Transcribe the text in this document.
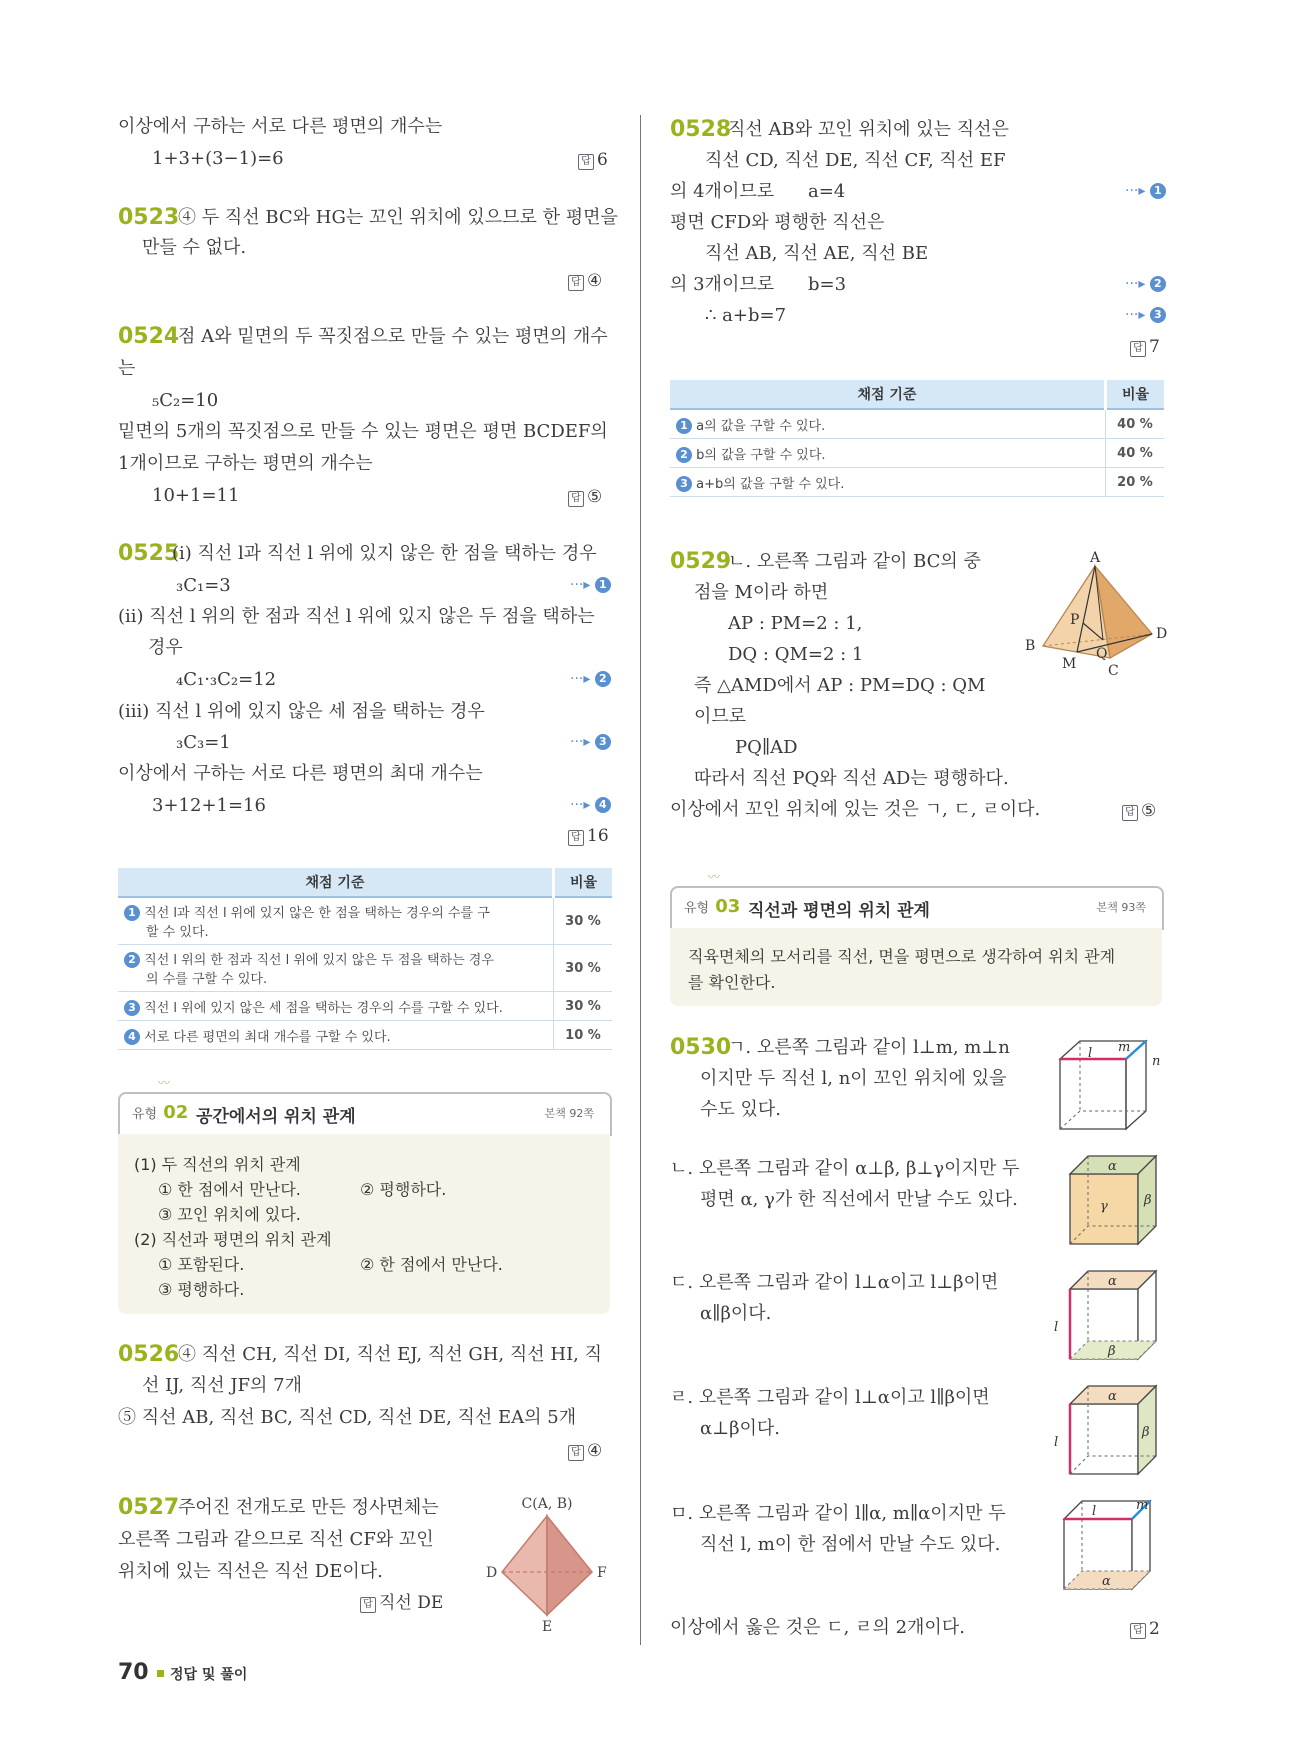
이상에서 구하는 서로 다른 평면의 개수는
1+3+(3−1)=6	답 6
0523
④ 두 직선 BC와 HG는 꼬인 위치에 있으므로 한 평면을
만들 수 없다.
답 ④
0524
점 A와 밑면의 두 꼭짓점으로 만들 수 있는 평면의 개수
는
₅C₂=10
밑면의 5개의 꼭짓점으로 만들 수 있는 평면은 평면 BCDEF의
1개이므로 구하는 평면의 개수는
10+1=11	답 ⑤
0525
(i) 직선 l과 직선 l 위에 있지 않은 한 점을 택하는 경우
₃C₁=3	···▸ 1
(ii) 직선 l 위의 한 점과 직선 l 위에 있지 않은 두 점을 택하는
경우
₄C₁·₃C₂=12	···▸ 2
(iii) 직선 l 위에 있지 않은 세 점을 택하는 경우
₃C₃=1	···▸ 3
이상에서 구하는 서로 다른 평면의 최대 개수는
3+12+1=16	···▸ 4
답 16
채점 기준	비율
1 직선 l과 직선 l 위에 있지 않은 한 점을 택하는 경우의 수를 구
할 수 있다.	30 %
2 직선 l 위의 한 점과 직선 l 위에 있지 않은 두 점을 택하는 경우
의 수를 구할 수 있다.	30 %
3 직선 l 위에 있지 않은 세 점을 택하는 경우의 수를 구할 수 있다.	30 %
4 서로 다른 평면의 최대 개수를 구할 수 있다.	10 %
〰
유형 02 공간에서의 위치 관계	본책 92쪽
(1) 두 직선의 위치 관계
① 한 점에서 만난다.	② 평행하다.
③ 꼬인 위치에 있다.
(2) 직선과 평면의 위치 관계
① 포함된다.	② 한 점에서 만난다.
③ 평행하다.
0526
④ 직선 CH, 직선 DI, 직선 EJ, 직선 GH, 직선 HI, 직
선 IJ, 직선 JF의 7개
⑤ 직선 AB, 직선 BC, 직선 CD, 직선 DE, 직선 EA의 5개
답 ④
0527
주어진 전개도로 만든 정사면체는
오른쪽 그림과 같으므로 직선 CF와 꼬인
위치에 있는 직선은 직선 DE이다.
답 직선 DE
C(A, B)
D	F
E
0528
직선 AB와 꼬인 위치에 있는 직선은
직선 CD, 직선 DE, 직선 CF, 직선 EF
의 4개이므로 a=4	···▸ 1
평면 CFD와 평행한 직선은
직선 AB, 직선 AE, 직선 BE
의 3개이므로 b=3	···▸ 2
∴ a+b=7	···▸ 3
답 7
채점 기준	비율
1 a의 값을 구할 수 있다.	40 %
2 b의 값을 구할 수 있다.	40 %
3 a+b의 값을 구할 수 있다.	20 %
0529
ㄴ. 오른쪽 그림과 같이 BC의 중
점을 M이라 하면
AP : PM=2 : 1,
DQ : QM=2 : 1
즉 △AMD에서 AP : PM=DQ : QM
이므로
PQ∥AD
따라서 직선 PQ와 직선 AD는 평행하다.
이상에서 꼬인 위치에 있는 것은 ㄱ, ㄷ, ㄹ이다.	답 ⑤
A
B
C
D
M
P
Q
〰
유형 03 직선과 평면의 위치 관계	본책 93쪽
직육면체의 모서리를 직선, 면을 평면으로 생각하여 위치 관계
를 확인한다.
0530
ㄱ. 오른쪽 그림과 같이 l⊥m, m⊥n
이지만 두 직선 l, n이 꼬인 위치에 있을
수도 있다.
ㄴ. 오른쪽 그림과 같이 α⊥β, β⊥γ이지만 두
평면 α, γ가 한 직선에서 만날 수도 있다.
ㄷ. 오른쪽 그림과 같이 l⊥α이고 l⊥β이면
α∥β이다.
ㄹ. 오른쪽 그림과 같이 l⊥α이고 l∥β이면
α⊥β이다.
ㅁ. 오른쪽 그림과 같이 l∥α, m∥α이지만 두
직선 l, m이 한 점에서 만날 수도 있다.
이상에서 옳은 것은 ㄷ, ㄹ의 2개이다.	답 2
l m
n
α
β
γ
α
l
β
α
l
β
l	m
α
70 정답 및 풀이
